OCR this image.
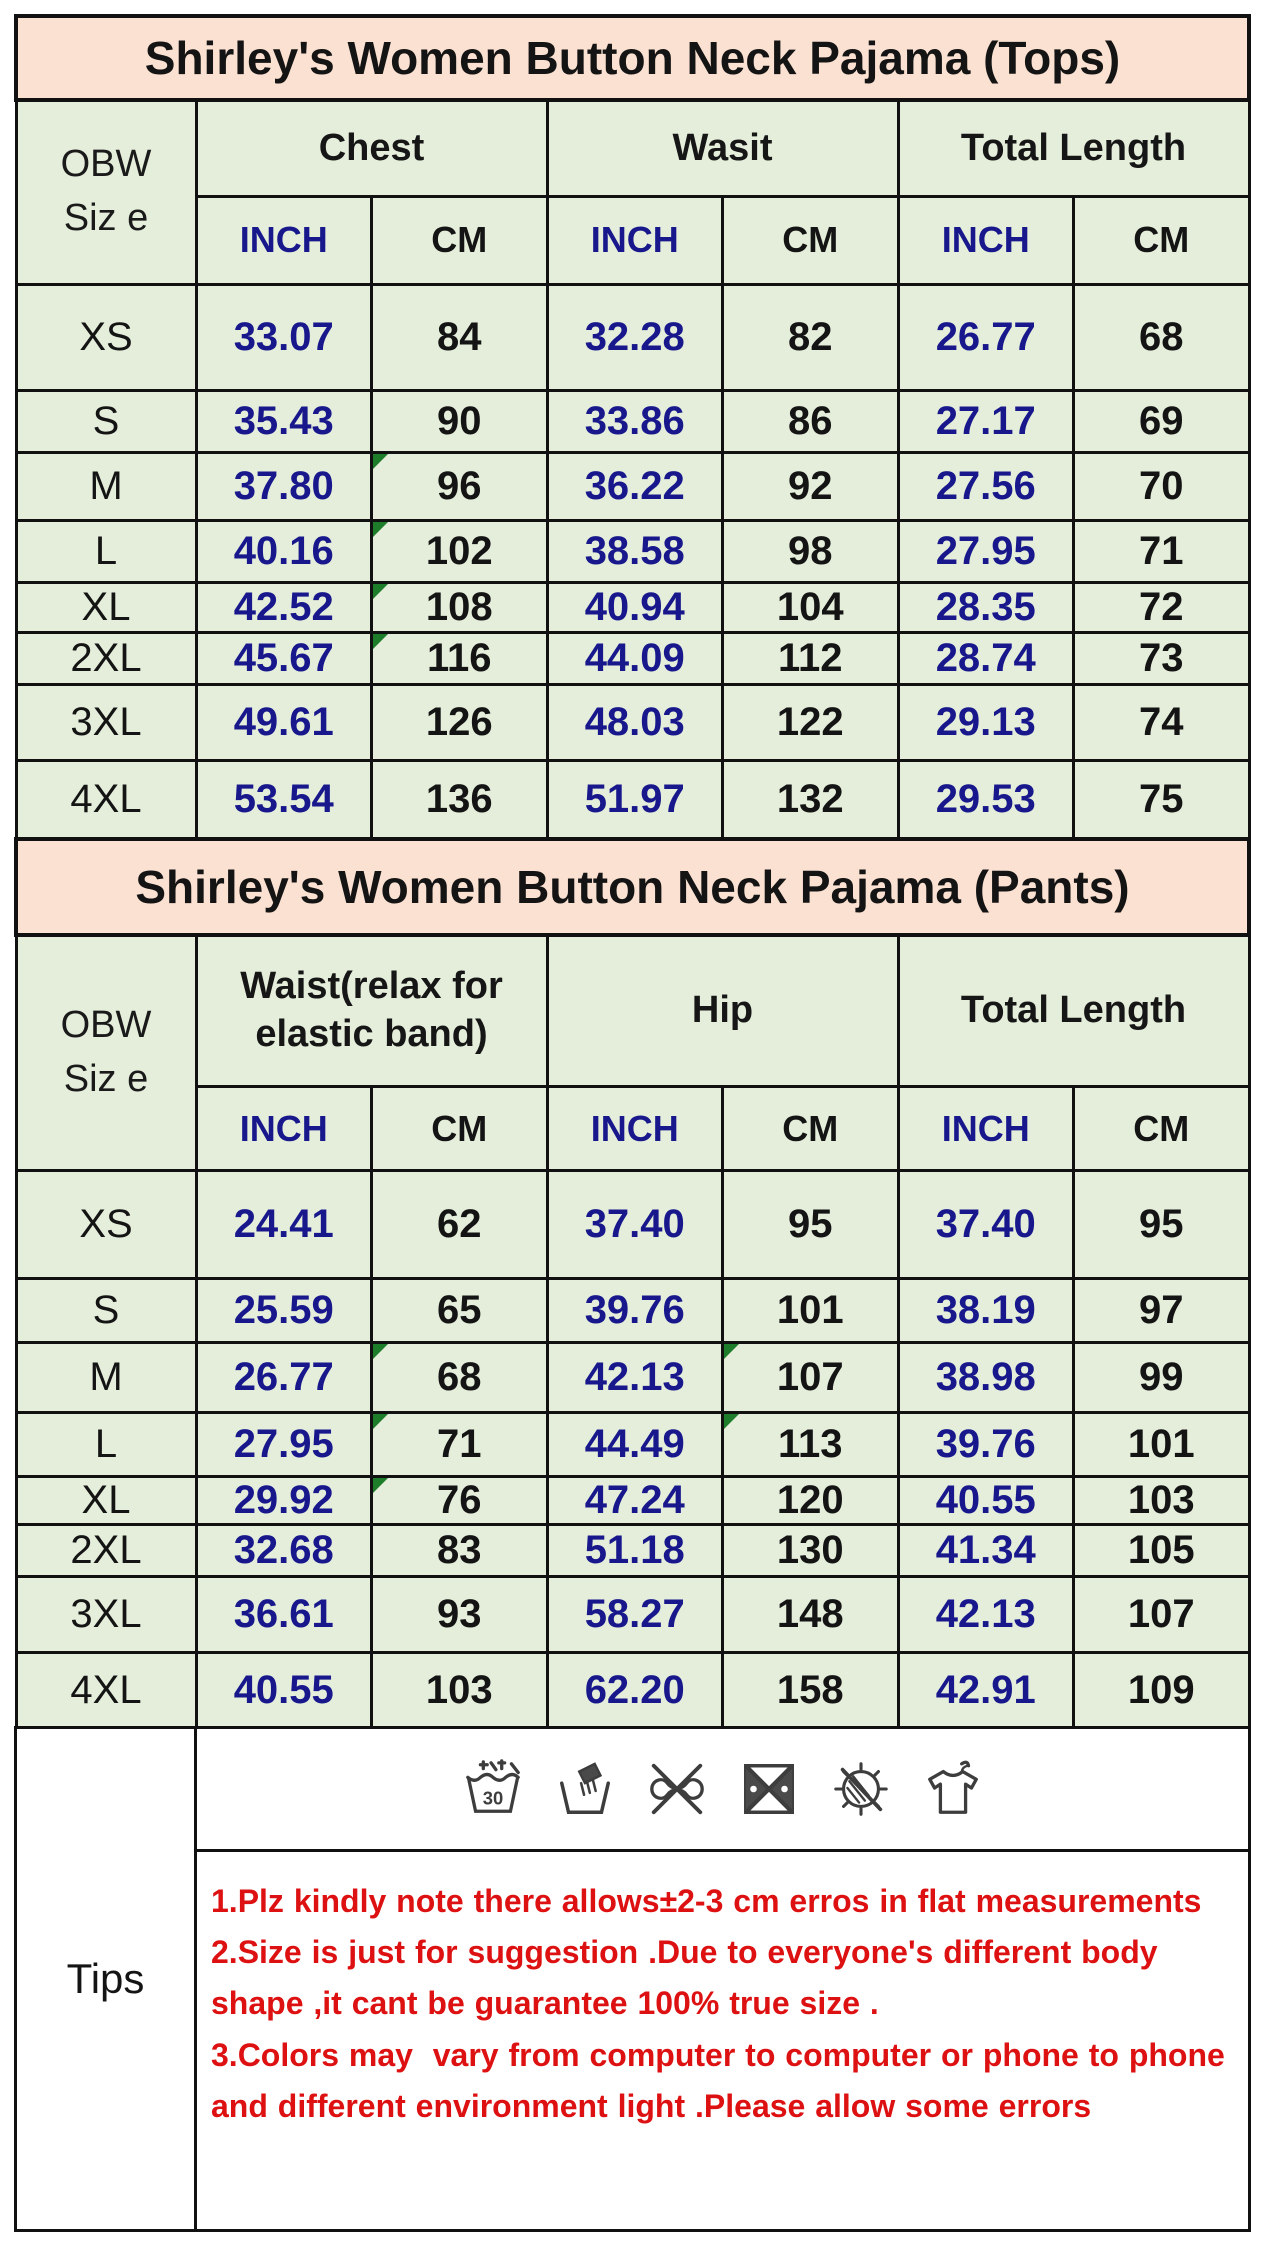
Shirley's Women Button Neck Pajama (Tops)						

OBW
Siz e	Chest		Wasit		Total Length	
	INCH	CM	INCH	CM	INCH	CM
XS	33.07	84	32.28	82	26.77	68
S	35.43	90	33.86	86	27.17	69
M	37.80	96	36.22	92	27.56	70
L	40.16	102	38.58	98	27.95	71
XL	42.52	108	40.94	104	28.35	72
2XL	45.67	116	44.09	112	28.74	73
3XL	49.61	126	48.03	122	29.13	74
4XL	53.54	136	51.97	132	29.53	75
Shirley's Women Button Neck Pajama (Pants)						

OBW
Siz e	Waist(relax for elastic band)		Hip		Total Length	
	INCH	CM	INCH	CM	INCH	CM
XS	24.41	62	37.40	95	37.40	95
S	25.59	65	39.76	101	38.19	97
M	26.77	68	42.13	107	38.98	99
L	27.95	71	44.49	113	39.76	101
XL	29.92	76	47.24	120	40.55	103
2XL	32.68	83	51.18	130	41.34	105
3XL	36.61	93	58.27	148	42.13	107
4XL	40.55	103	62.20	158	42.91	109
Tips
30

1.Plz kindly note there allows±2-3 cm erros in flat measurements

2.Size is just for suggestion .Due to everyone's different body shape ,it cant be guarantee 100% true size .

3.Colors may  vary from computer to computer or phone to phone and different environment light .Please allow some errors
